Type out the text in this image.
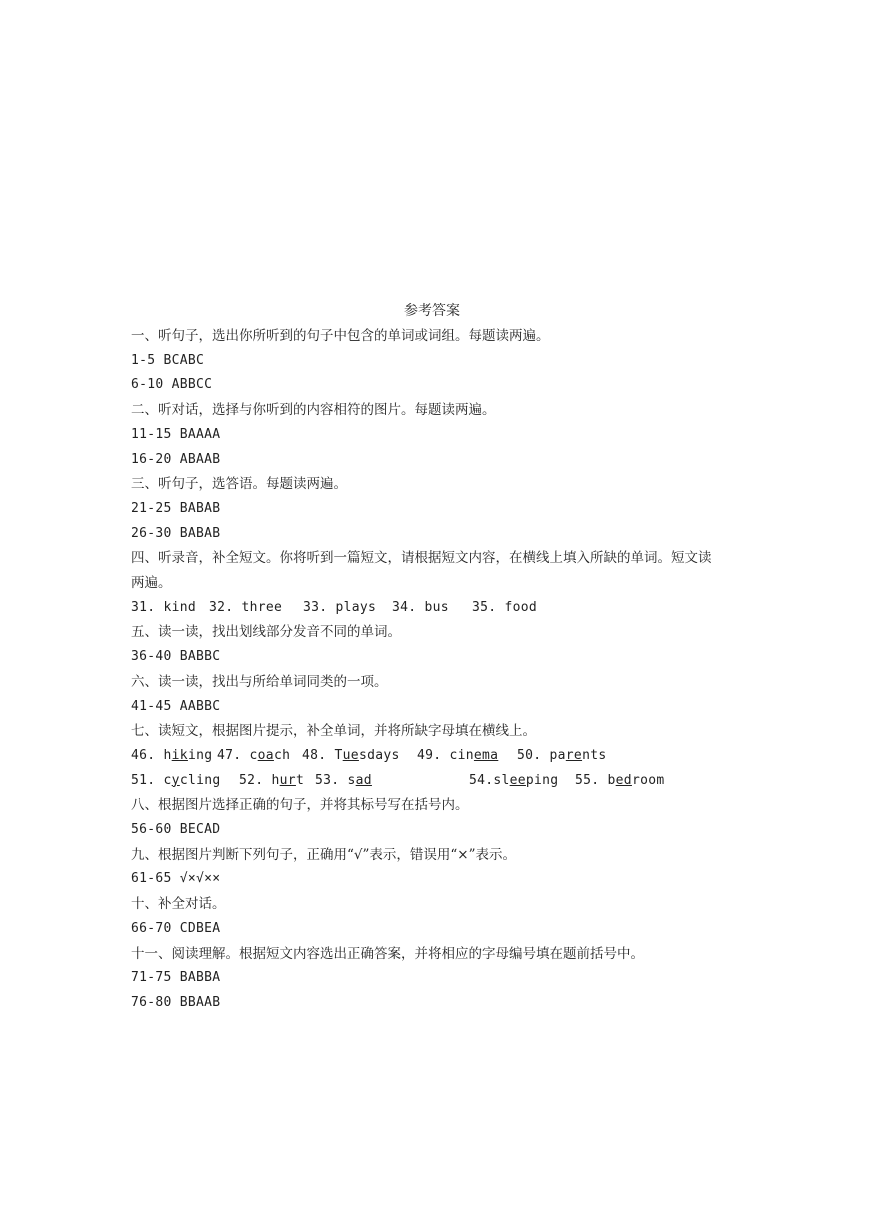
参考答案
一、听句子，选出你所听到的句子中包含的单词或词组。每题读两遍。
1-5 BCABC
6-10 ABBCC
二、听对话，选择与你听到的内容相符的图片。每题读两遍。
11-15 BAAAA
16-20 ABAAB
三、听句子，选答语。每题读两遍。
21-25 BABAB
26-30 BABAB
四、听录音，补全短文。你将听到一篇短文，请根据短文内容，在横线上填入所缺的单词。短文读两遍。
31. kind 32. three	33. plays	34. bus	35. food
五、读一读，找出划线部分发音不同的单词。
36-40 BABBC
六、读一读，找出与所给单词同类的一项。
41-45 AABBC
七、读短文，根据图片提示，补全单词，并将所缺字母填在横线上。
46. hiking 47. coach 48. Tuesdays	49. cinema	50. parents
51. cycling	52. hurt 53. sad	54.sleeping	55. bedroom
八、根据图片选择正确的句子，并将其标号写在括号内。
56-60 BECAD
九、根据图片判断下列句子，正确用“√”表示，错误用“×”表示。
61-65 √×√××
十、补全对话。
66-70 CDBEA
十一、阅读理解。根据短文内容选出正确答案，并将相应的字母编号填在题前括号中。
71-75 BABBA
76-80 BBAAB
